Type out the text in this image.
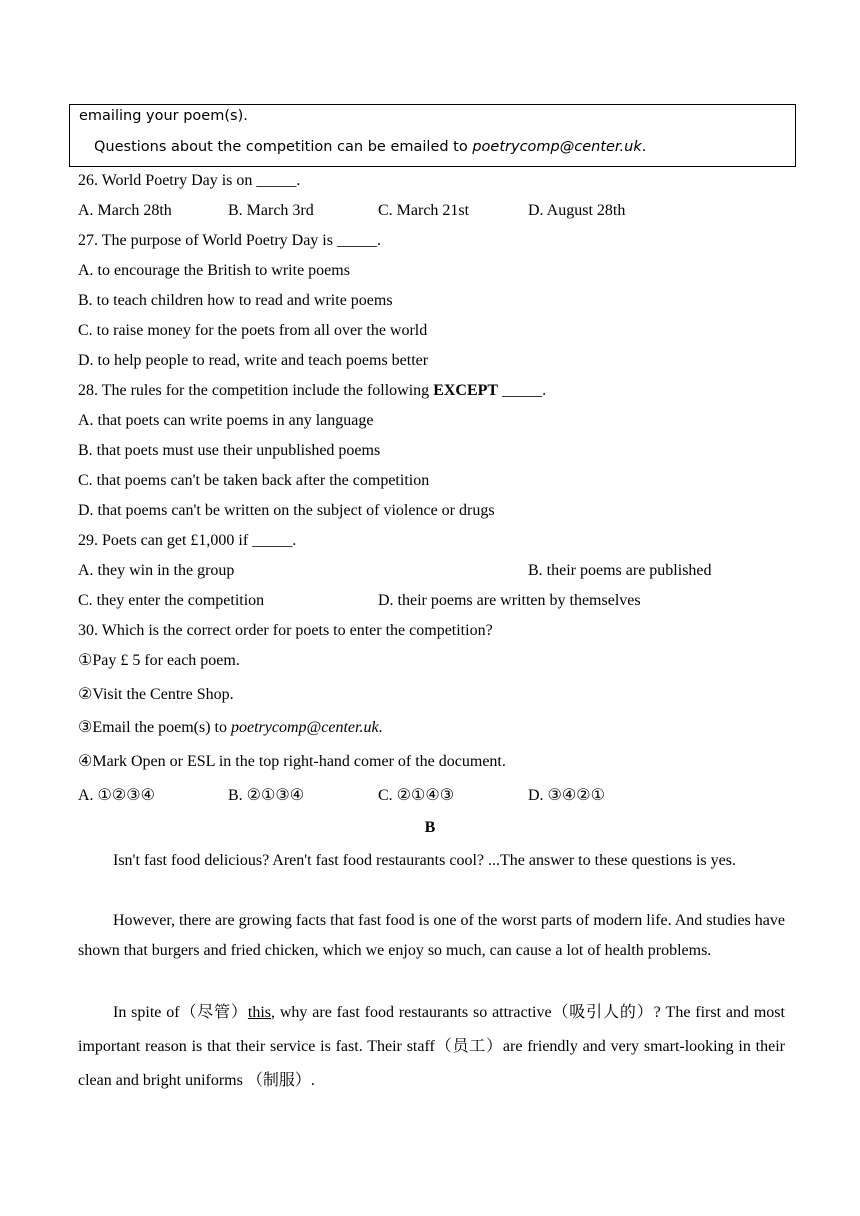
emailing your poem(s).
Questions about the competition can be emailed to poetrycomp@center.uk.
26. World Poetry Day is on _____.
A. March 28th	B. March 3rd	C. March 21st	D. August 28th
27. The purpose of World Poetry Day is _____.
A. to encourage the British to write poems
B. to teach children how to read and write poems
C. to raise money for the poets from all over the world
D. to help people to read, write and teach poems better
28. The rules for the competition include the following EXCEPT _____.
A. that poets can write poems in any language
B. that poets must use their unpublished poems
C. that poems can't be taken back after the competition
D. that poems can't be written on the subject of violence or drugs
29. Poets can get £1,000 if _____.
A. they win in the group	B. their poems are published
C. they enter the competition	D. their poems are written by themselves
30. Which is the correct order for poets to enter the competition?
①Pay £ 5 for each poem.
②Visit the Centre Shop.
③Email the poem(s) to poetrycomp@center.uk.
④Mark Open or ESL in the top right-hand comer of the document.
A. ①②③④	B. ②①③④	C. ②①④③	D. ③④②①
B

Isn't fast food delicious? Aren't fast food restaurants cool? ...The answer to these questions is yes.

However, there are growing facts that fast food is one of the worst parts of modern life. And studies have shown that burgers and fried chicken, which we enjoy so much, can cause a lot of health problems.

In spite of（尽管）this, why are fast food restaurants so attractive（吸引人的）? The first and most important reason is that their service is fast. Their staff（员工）are friendly and very smart-looking in their clean and bright uniforms （制服）.
